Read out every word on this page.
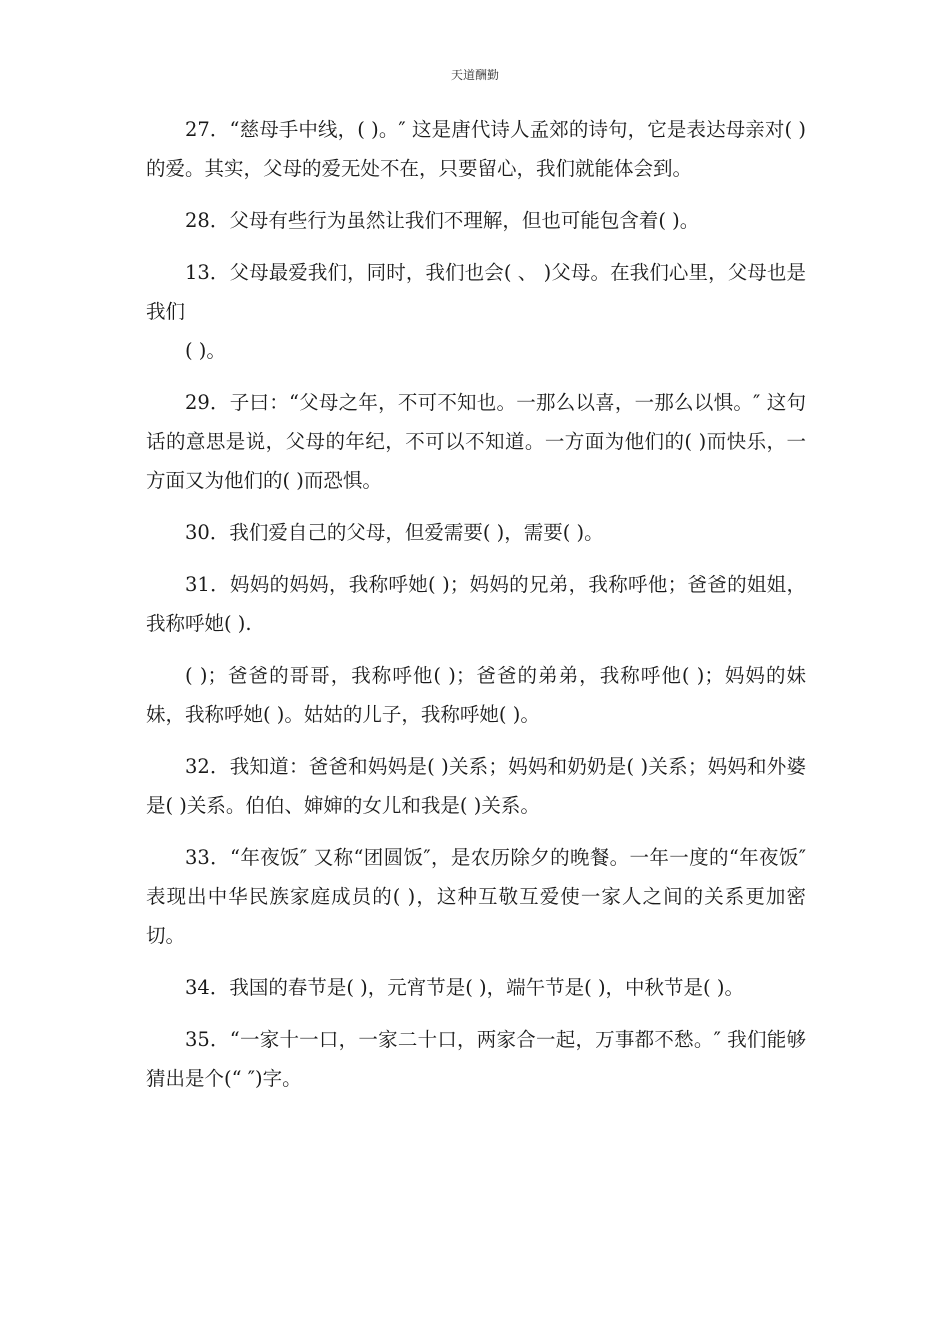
天道酬勤

27．“慈母手中线，( )。″ 这是唐代诗人孟郊的诗句，它是表达母亲对( )的爱。其实，父母的爱无处不在，只要留心，我们就能体会到。

28．父母有些行为虽然让我们不理解，但也可能包含着( )。

13．父母最爱我们，同时，我们也会( 、 )父母。在我们心里，父母也是我们

( )。

29．子曰：“父母之年，不可不知也。一那么以喜，一那么以惧。″ 这句话的意思是说，父母的年纪，不可以不知道。一方面为他们的( )而快乐，一方面又为他们的( )而恐惧。

30．我们爱自己的父母，但爱需要( )，需要( )。

31．妈妈的妈妈，我称呼她( )；妈妈的兄弟，我称呼他；爸爸的姐姐，我称呼她( ).

( )；爸爸的哥哥，我称呼他( )；爸爸的弟弟，我称呼他( )；妈妈的妹妹，我称呼她( )。姑姑的儿子，我称呼她( )。

32．我知道：爸爸和妈妈是( )关系；妈妈和奶奶是( )关系；妈妈和外婆是( )关系。伯伯、婶婶的女儿和我是( )关系。

33．“年夜饭″ 又称“团圆饭″，是农历除夕的晚餐。一年一度的“年夜饭″ 表现出中华民族家庭成员的( )，这种互敬互爱使一家人之间的关系更加密切。

34．我国的春节是( )，元宵节是( )，端午节是( )，中秋节是( )。

35．“一家十一口，一家二十口，两家合一起，万事都不愁。″ 我们能够猜出是个(“ ″)字。
